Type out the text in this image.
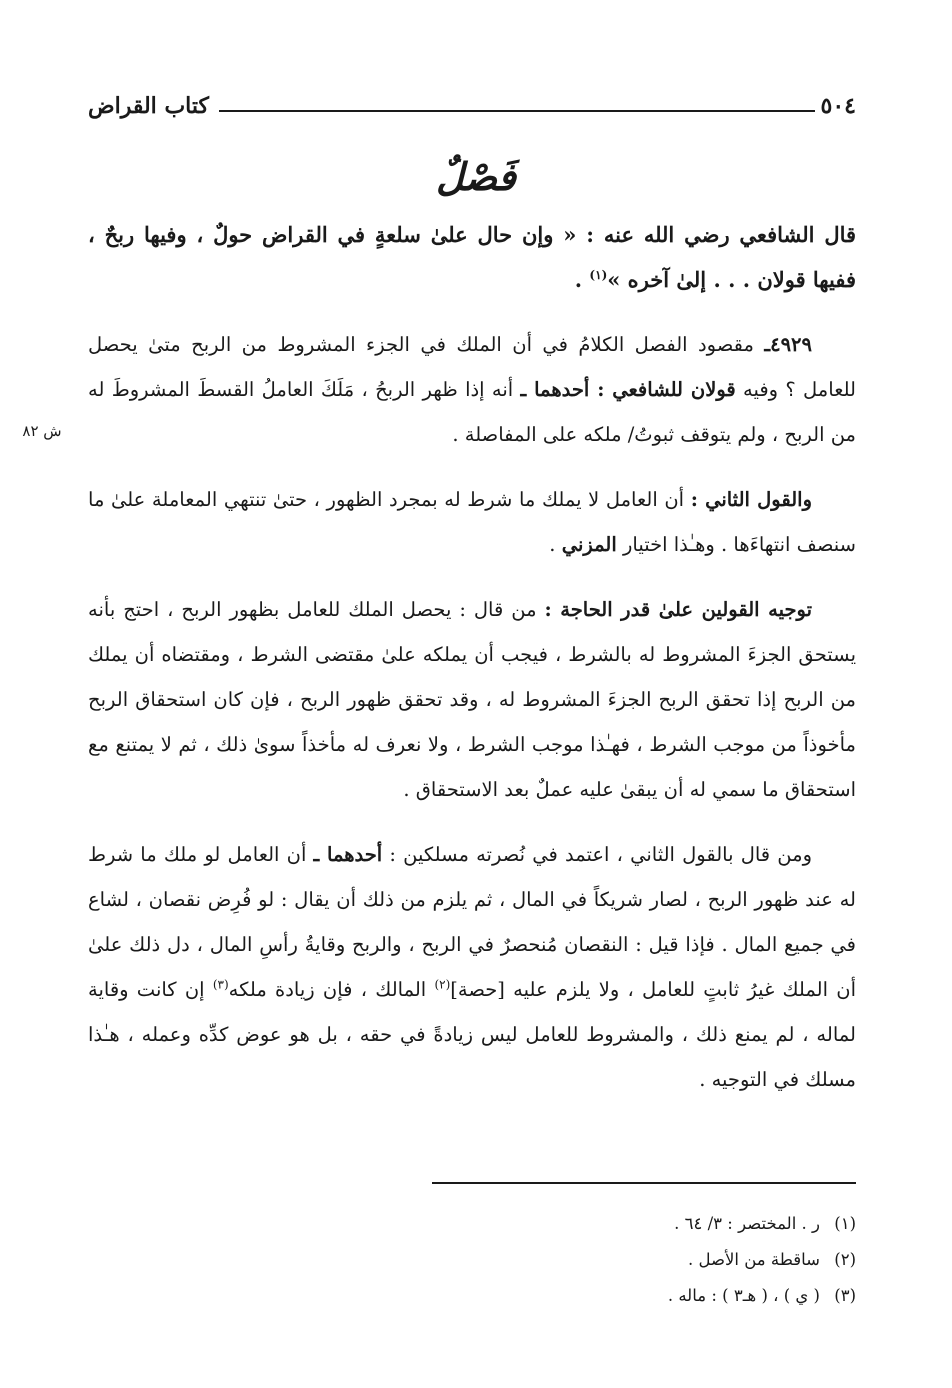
٥٠٤
كتاب القراض
فَصْلٌ
ش ٨٢

قال الشافعي رضي الله عنه : « وإن حال علىٰ سلعةٍ في القراض حولٌ ، وفيها ربحٌ ، ففيها قولان . . . إلىٰ آخره »$^{(١)}$ .

٤٩٢٩ـ مقصود الفصل الكلامُ في أن الملك في الجزء المشروط من الربح متىٰ يحصل للعامل ؟ وفيه قولان للشافعي : أحدهما ـ أنه إذا ظهر الربحُ ، مَلَكَ العاملُ القسطَ المشروطَ له من الربح ، ولم يتوقف ثبوتُ/ ملكه على المفاصلة .

والقول الثاني : أن العامل لا يملك ما شرط له بمجرد الظهور ، حتىٰ تنتهي المعاملة علىٰ ما سنصف انتهاءَها . وهـٰذا اختيار المزني .

توجيه القولين علىٰ قدر الحاجة : من قال : يحصل الملك للعامل بظهور الربح ، احتج بأنه يستحق الجزءَ المشروط له بالشرط ، فيجب أن يملكه علىٰ مقتضى الشرط ، ومقتضاه أن يملك من الربح إذا تحقق الربح الجزءَ المشروط له ، وقد تحقق ظهور الربح ، فإن كان استحقاق الربح مأخوذاً من موجب الشرط ، فهـٰذا موجب الشرط ، ولا نعرف له مأخذاً سوىٰ ذلك ، ثم لا يمتنع مع استحقاق ما سمي له أن يبقىٰ عليه عملٌ بعد الاستحقاق .

ومن قال بالقول الثاني ، اعتمد في نُصرته مسلكين : أحدهما ـ أن العامل لو ملك ما شرط له عند ظهور الربح ، لصار شريكاً في المال ، ثم يلزم من ذلك أن يقال : لو فُرِض نقصان ، لشاع في جميع المال . فإذا قيل : النقصان مُنحصرٌ في الربح ، والربح وقايةُ رأسِ المال ، دل ذلك علىٰ أن الملك غيرُ ثابتٍ للعامل ، ولا يلزم عليه [حصة]$^{(٢)}$ المالك ، فإن زيادة ملكه$^{(٣)}$ إن كانت وقاية لماله ، لم يمنع ذلك ، والمشروط للعامل ليس زيادةً في حقه ، بل هو عوض كدِّه وعمله ، هـٰذا مسلك في التوجيه .

(١)
ر . المختصر : ٣/ ٦٤ .
(٢)
ساقطة من الأصل .
(٣)
( ي ) ، ( هـ٣ ) : ماله .
